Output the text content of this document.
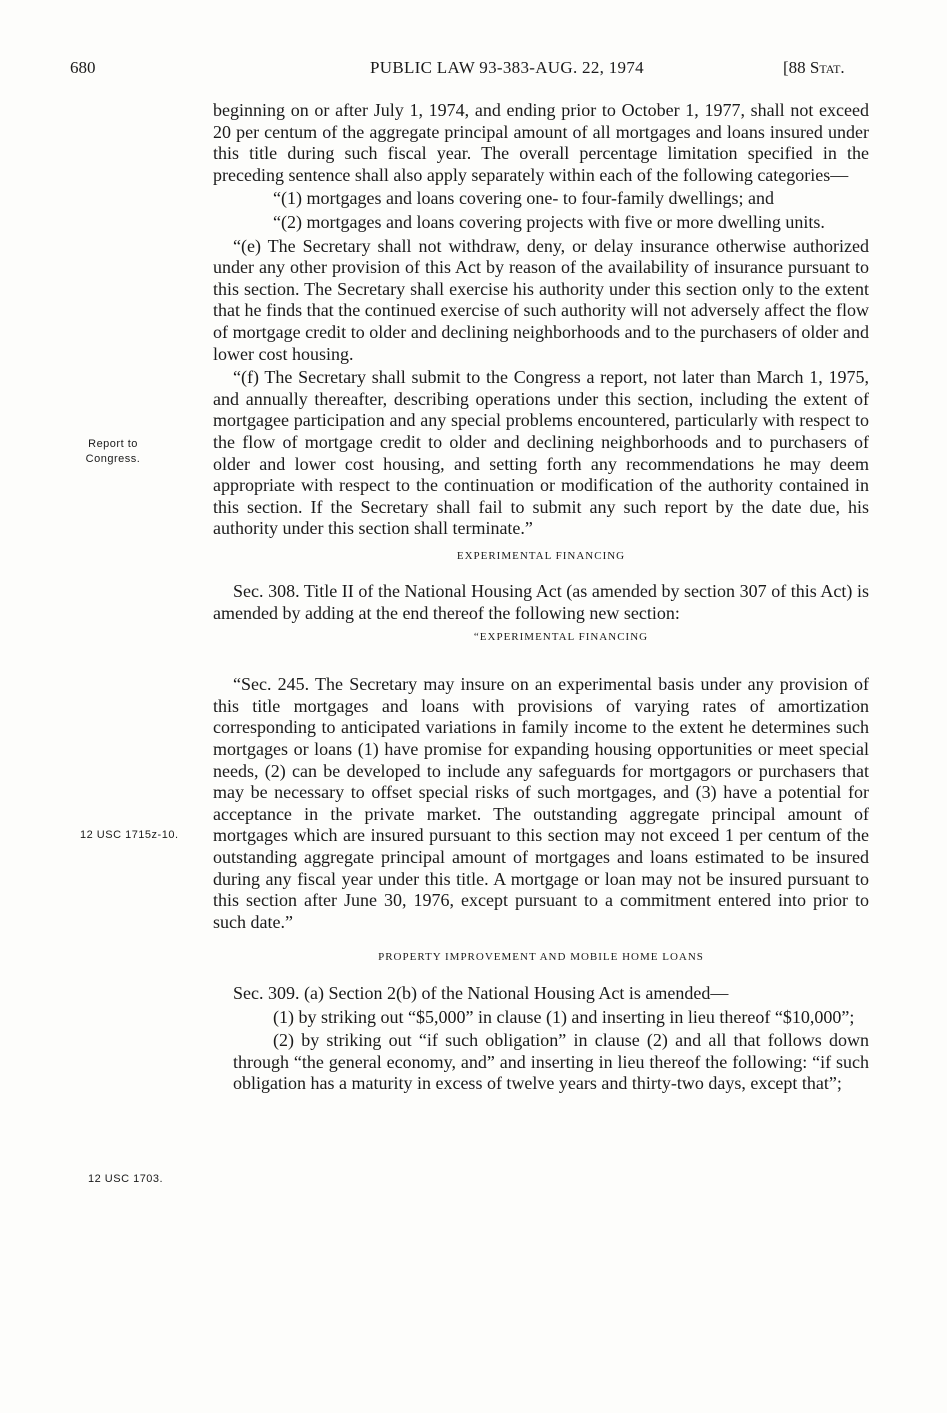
680	PUBLIC LAW 93-383-AUG. 22, 1974	[88 Stat.
Report to Congress.
12 USC 1715z-10.
12 USC 1703.

beginning on or after July 1, 1974, and ending prior to October 1, 1977, shall not exceed 20 per centum of the aggregate principal amount of all mortgages and loans insured under this title during such fiscal year. The overall percentage limitation specified in the preceding sentence shall also apply separately within each of the following categories—

“(1) mortgages and loans covering one- to four-family dwellings; and

“(2) mortgages and loans covering projects with five or more dwelling units.

“(e) The Secretary shall not withdraw, deny, or delay insurance otherwise authorized under any other provision of this Act by reason of the availability of insurance pursuant to this section. The Secretary shall exercise his authority under this section only to the extent that he finds that the continued exercise of such authority will not adversely affect the flow of mortgage credit to older and declining neighborhoods and to the purchasers of older and lower cost housing.

“(f) The Secretary shall submit to the Congress a report, not later than March 1, 1975, and annually thereafter, describing operations under this section, including the extent of mortgagee participation and any special problems encountered, particularly with respect to the flow of mortgage credit to older and declining neighborhoods and to purchasers of older and lower cost housing, and setting forth any recommendations he may deem appropriate with respect to the continuation or modification of the authority contained in this section. If the Secretary shall fail to submit any such report by the date due, his authority under this section shall terminate.”

EXPERIMENTAL FINANCING

Sec. 308. Title II of the National Housing Act (as amended by section 307 of this Act) is amended by adding at the end thereof the following new section:

“EXPERIMENTAL FINANCING

“Sec. 245. The Secretary may insure on an experimental basis under any provision of this title mortgages and loans with provisions of varying rates of amortization corresponding to anticipated variations in family income to the extent he determines such mortgages or loans (1) have promise for expanding housing opportunities or meet special needs, (2) can be developed to include any safeguards for mortgagors or purchasers that may be necessary to offset special risks of such mortgages, and (3) have a potential for acceptance in the private market. The outstanding aggregate principal amount of mortgages which are insured pursuant to this section may not exceed 1 per centum of the outstanding aggregate principal amount of mortgages and loans estimated to be insured during any fiscal year under this title. A mortgage or loan may not be insured pursuant to this section after June 30, 1976, except pursuant to a commitment entered into prior to such date.”

PROPERTY IMPROVEMENT AND MOBILE HOME LOANS

Sec. 309. (a) Section 2(b) of the National Housing Act is amended—

(1) by striking out “$5,000” in clause (1) and inserting in lieu thereof “$10,000”;

(2) by striking out “if such obligation” in clause (2) and all that follows down through “the general economy, and” and inserting in lieu thereof the following: “if such obligation has a maturity in excess of twelve years and thirty-two days, except that”;
